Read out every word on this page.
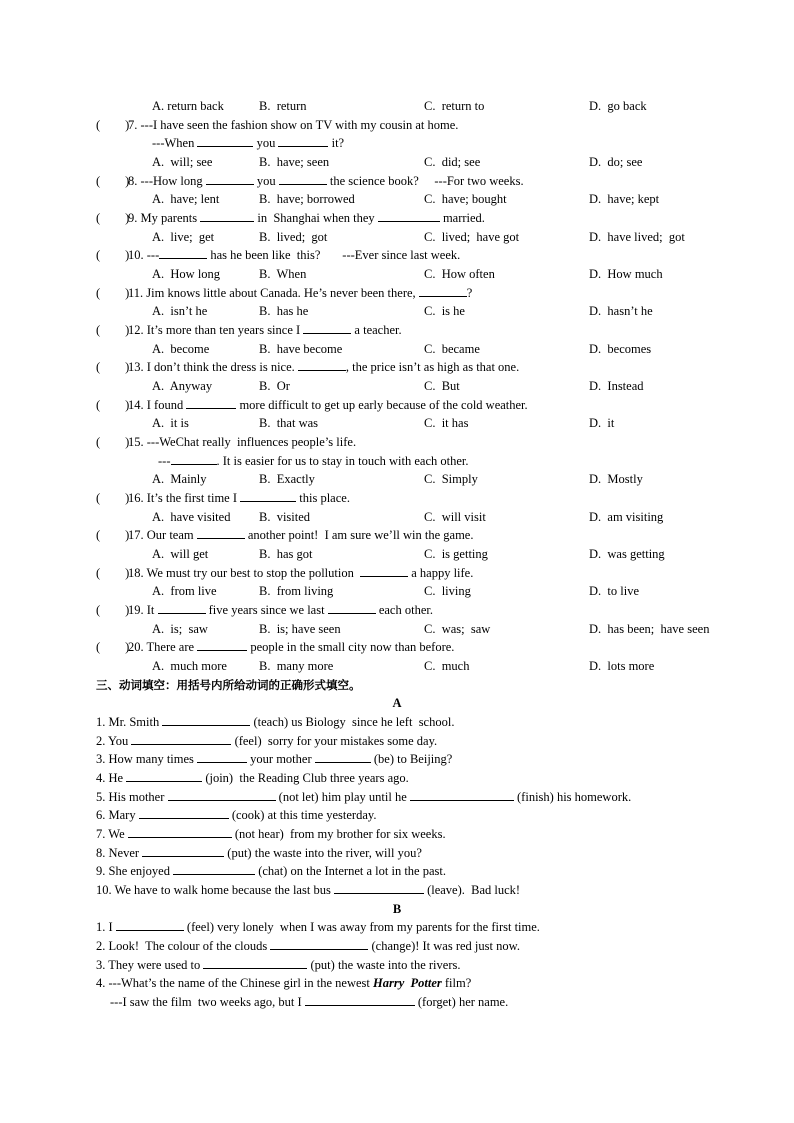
A. return back	B.  return	C.  return to	D.  go back
(        )
7. ---I have seen the fashion show on TV with my cousin at home.
---When	you	it?
A.  will; see	B.  have; seen	C.  did; see	D.  do; see
(        )
8. ---How long	you	the science book?     ---For two weeks.
A.  have; lent	B.  have; borrowed	C.  have; bought	D.  have; kept
(        )
9. My parents	in  Shanghai when they	married.
A.  live;  get	B.  lived;  got	C.  lived;  have got	D.  have lived;  got
(        )
10. ---	has he been like  this?       ---Ever since last week.
A.  How long	B.  When	C.  How often	D.  How much
(        )
11. Jim knows little about Canada. He’s never been there,	?
A.  isn’t he	B.  has he	C.  is he	D.  hasn’t he
(        )
12. It’s more than ten years since I	a teacher.
A.  become	B.  have become	C.  became	D.  becomes
(        )
13. I don’t think the dress is nice.	, the price isn’t as high as that one.
A.  Anyway	B.  Or	C.  But	D.  Instead
(        )
14. I found	more difficult to get up early because of the cold weather.
A.  it is	B.  that was	C.  it has	D.  it
(        )
15. ---WeChat really  influences people’s life.
---	. It is easier for us to stay in touch with each other.
A.  Mainly	B.  Exactly	C.  Simply	D.  Mostly
(        )
16. It’s the first time I	this place.
A.  have visited B.  visited	C.  will visit	D.  am visiting
(        )
17. Our team	another point!  I am sure we’ll win the game.
A.  will get	B.  has got	C.  is getting	D.  was getting
(        )
18. We must try our best to stop the pollution	a happy life.
A.  from live	B.  from living	C.  living	D.  to live
(        )
19. It	five years since we last	each other.
A.  is;  saw	B.  is; have seen	C.  was;  saw	D.  has been;  have seen
(        )
20. There are	people in the small city now than before.
A.  much more	B.  many more	C.  much	D.  lots more
三、动词填空：用括号内所给动词的正确形式填空。
A
1. Mr. Smith	(teach) us Biology  since he left  school.
2. You	(feel)  sorry for your mistakes some day.
3. How many times	your mother	(be) to Beijing?
4. He	(join)  the Reading Club three years ago.
5. His mother	(not let) him play until he	(finish) his homework.
6. Mary	(cook) at this time yesterday.
7. We	(not hear)  from my brother for six weeks.
8. Never	(put) the waste into the river, will you?
9. She enjoyed	(chat) on the Internet a lot in the past.
10. We have to walk home because the last bus	(leave).  Bad luck!
B
1. I	(feel) very lonely  when I was away from my parents for the first time.
2. Look!  The colour of the clouds	(change)! It was red just now.
3. They were used to	(put) the waste into the rivers.
4. ---What’s the name of the Chinese girl in the newest Harry  Potter film?
---I saw the film  two weeks ago, but I	(forget) her name.
